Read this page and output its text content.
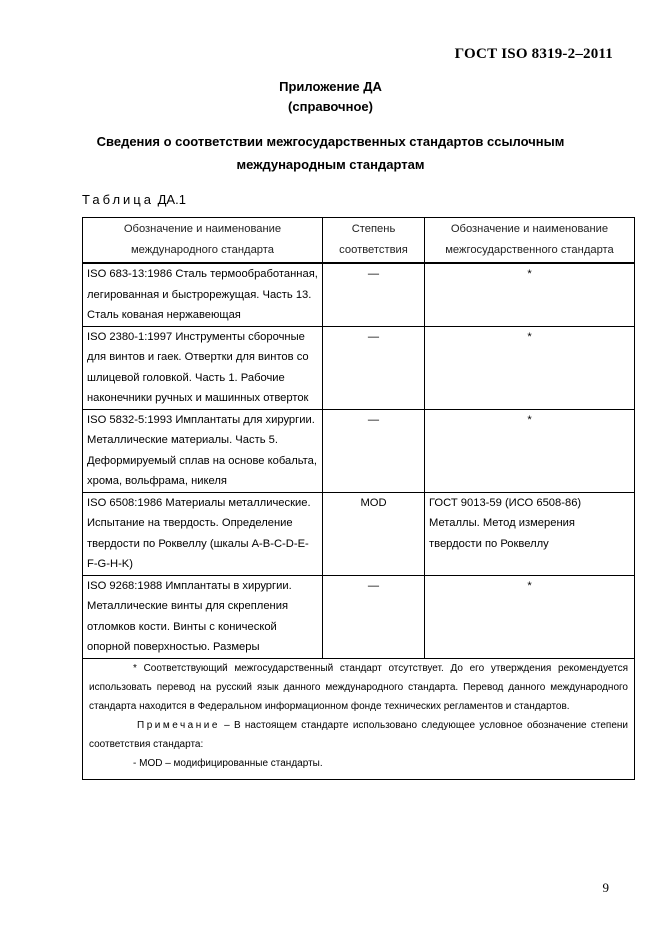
ГОСТ ISO 8319-2–2011
Приложение ДА
(справочное)
Сведения о соответствии межгосударственных стандартов ссылочным
международным стандартам
Таблица ДА.1
Обозначение и наименование международного стандарта	Степень соответствия	Обозначение и наименование межгосударственного стандарта
ISO 683-13:1986 Сталь термообработанная, легированная и быстрорежущая. Часть 13. Сталь кованая нержавеющая	—	*
ISO 2380-1:1997 Инструменты сборочные для винтов и гаек. Отвертки для винтов со шлицевой головкой. Часть 1. Рабочие наконечники ручных и машинных отверток	—	*
ISO 5832-5:1993 Имплантаты для хирургии. Металлические материалы. Часть 5. Деформируемый сплав на основе кобальта, хрома, вольфрама, никеля	—	*
ISO 6508:1986 Материалы металлические. Испытание на твердость. Определение твердости по Роквеллу (шкалы A-B-C-D-E-F-G-H-K)	MOD	ГОСТ 9013-59 (ИСО 6508-86) Металлы. Метод измерения твердости по Роквеллу
ISO 9268:1988 Имплантаты в хирургии. Металлические винты для скрепления отломков кости. Винты с конической опорной поверхностью. Размеры	—	*

* Соответствующий межгосударственный стандарт отсутствует. До его утверждения рекомендуется использовать перевод на русский язык данного международного стандарта. Перевод данного международного стандарта находится в Федеральном информационном фонде технических регламентов и стандартов.

Примечание – В настоящем стандарте использовано следующее условное обозначение степени соответствия стандарта:

- MOD – модифицированные стандарты.		

9
